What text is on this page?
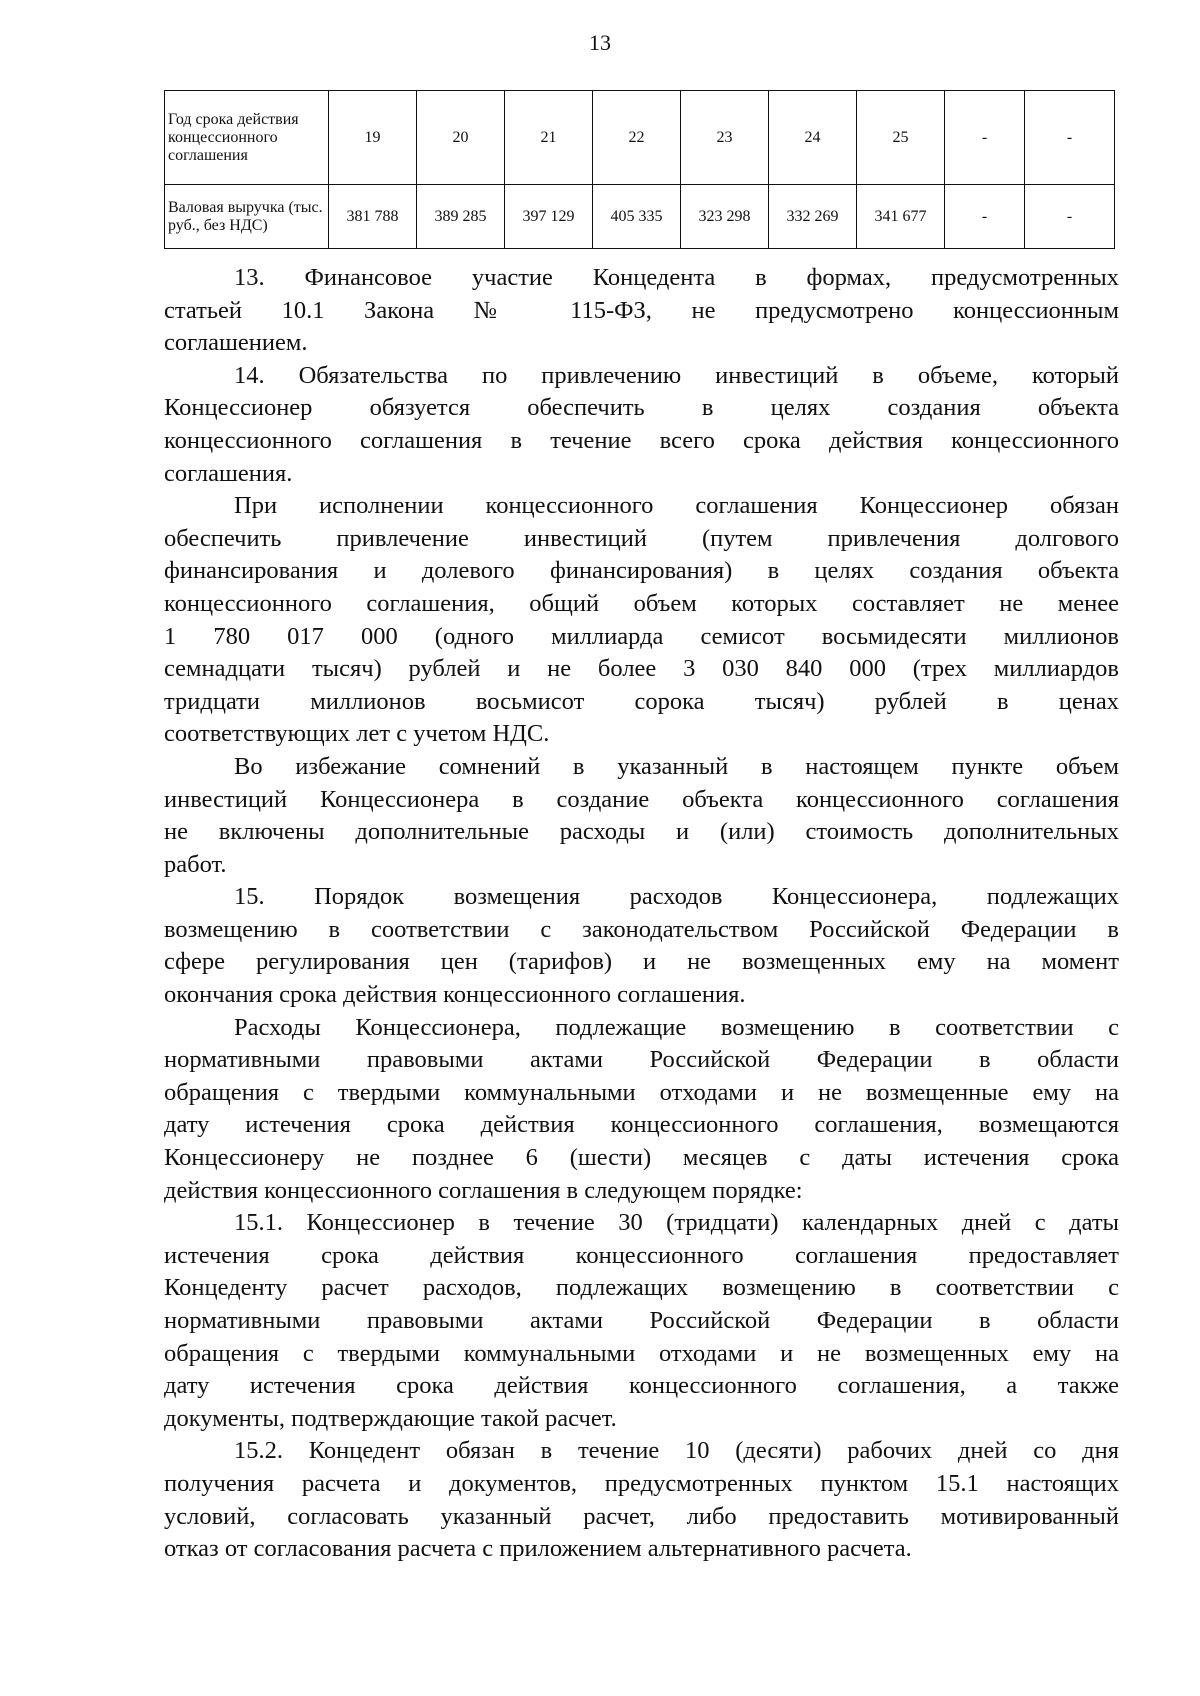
13
Год срока действия концессионного соглашения	19	20	21	22	23	24	25	-	-
Валовая выручка (тыс. руб., без НДС)	381 788	389 285	397 129	405 335	323 298	332 269	341 677	-	-

13. Финансовое участие Концедента в формах, предусмотренных

статьей 10.1 Закона № 115-ФЗ, не предусмотрено концессионным

соглашением.

14. Обязательства по привлечению инвестиций в объеме, который

Концессионер обязуется обеспечить в целях создания объекта

концессионного соглашения в течение всего срока действия концессионного

соглашения.

При исполнении концессионного соглашения Концессионер обязан

обеспечить привлечение инвестиций (путем привлечения долгового

финансирования и долевого финансирования) в целях создания объекта

концессионного соглашения, общий объем которых составляет не менее

1 780 017 000 (одного миллиарда семисот восьмидесяти миллионов

семнадцати тысяч) рублей и не более 3 030 840 000 (трех миллиардов

тридцати миллионов восьмисот сорока тысяч) рублей в ценах

соответствующих лет с учетом НДС.

Во избежание сомнений в указанный в настоящем пункте объем

инвестиций Концессионера в создание объекта концессионного соглашения

не включены дополнительные расходы и (или) стоимость дополнительных

работ.

15. Порядок возмещения расходов Концессионера, подлежащих

возмещению в соответствии с законодательством Российской Федерации в

сфере регулирования цен (тарифов) и не возмещенных ему на момент

окончания срока действия концессионного соглашения.

Расходы Концессионера, подлежащие возмещению в соответствии с

нормативными правовыми актами Российской Федерации в области

обращения с твердыми коммунальными отходами и не возмещенные ему на

дату истечения срока действия концессионного соглашения, возмещаются

Концессионеру не позднее 6 (шести) месяцев с даты истечения срока

действия концессионного соглашения в следующем порядке:

15.1. Концессионер в течение 30 (тридцати) календарных дней с даты

истечения срока действия концессионного соглашения предоставляет

Концеденту расчет расходов, подлежащих возмещению в соответствии с

нормативными правовыми актами Российской Федерации в области

обращения с твердыми коммунальными отходами и не возмещенных ему на

дату истечения срока действия концессионного соглашения, а также

документы, подтверждающие такой расчет.

15.2. Концедент обязан в течение 10 (десяти) рабочих дней со дня

получения расчета и документов, предусмотренных пунктом 15.1 настоящих

условий, согласовать указанный расчет, либо предоставить мотивированный

отказ от согласования расчета с приложением альтернативного расчета.
